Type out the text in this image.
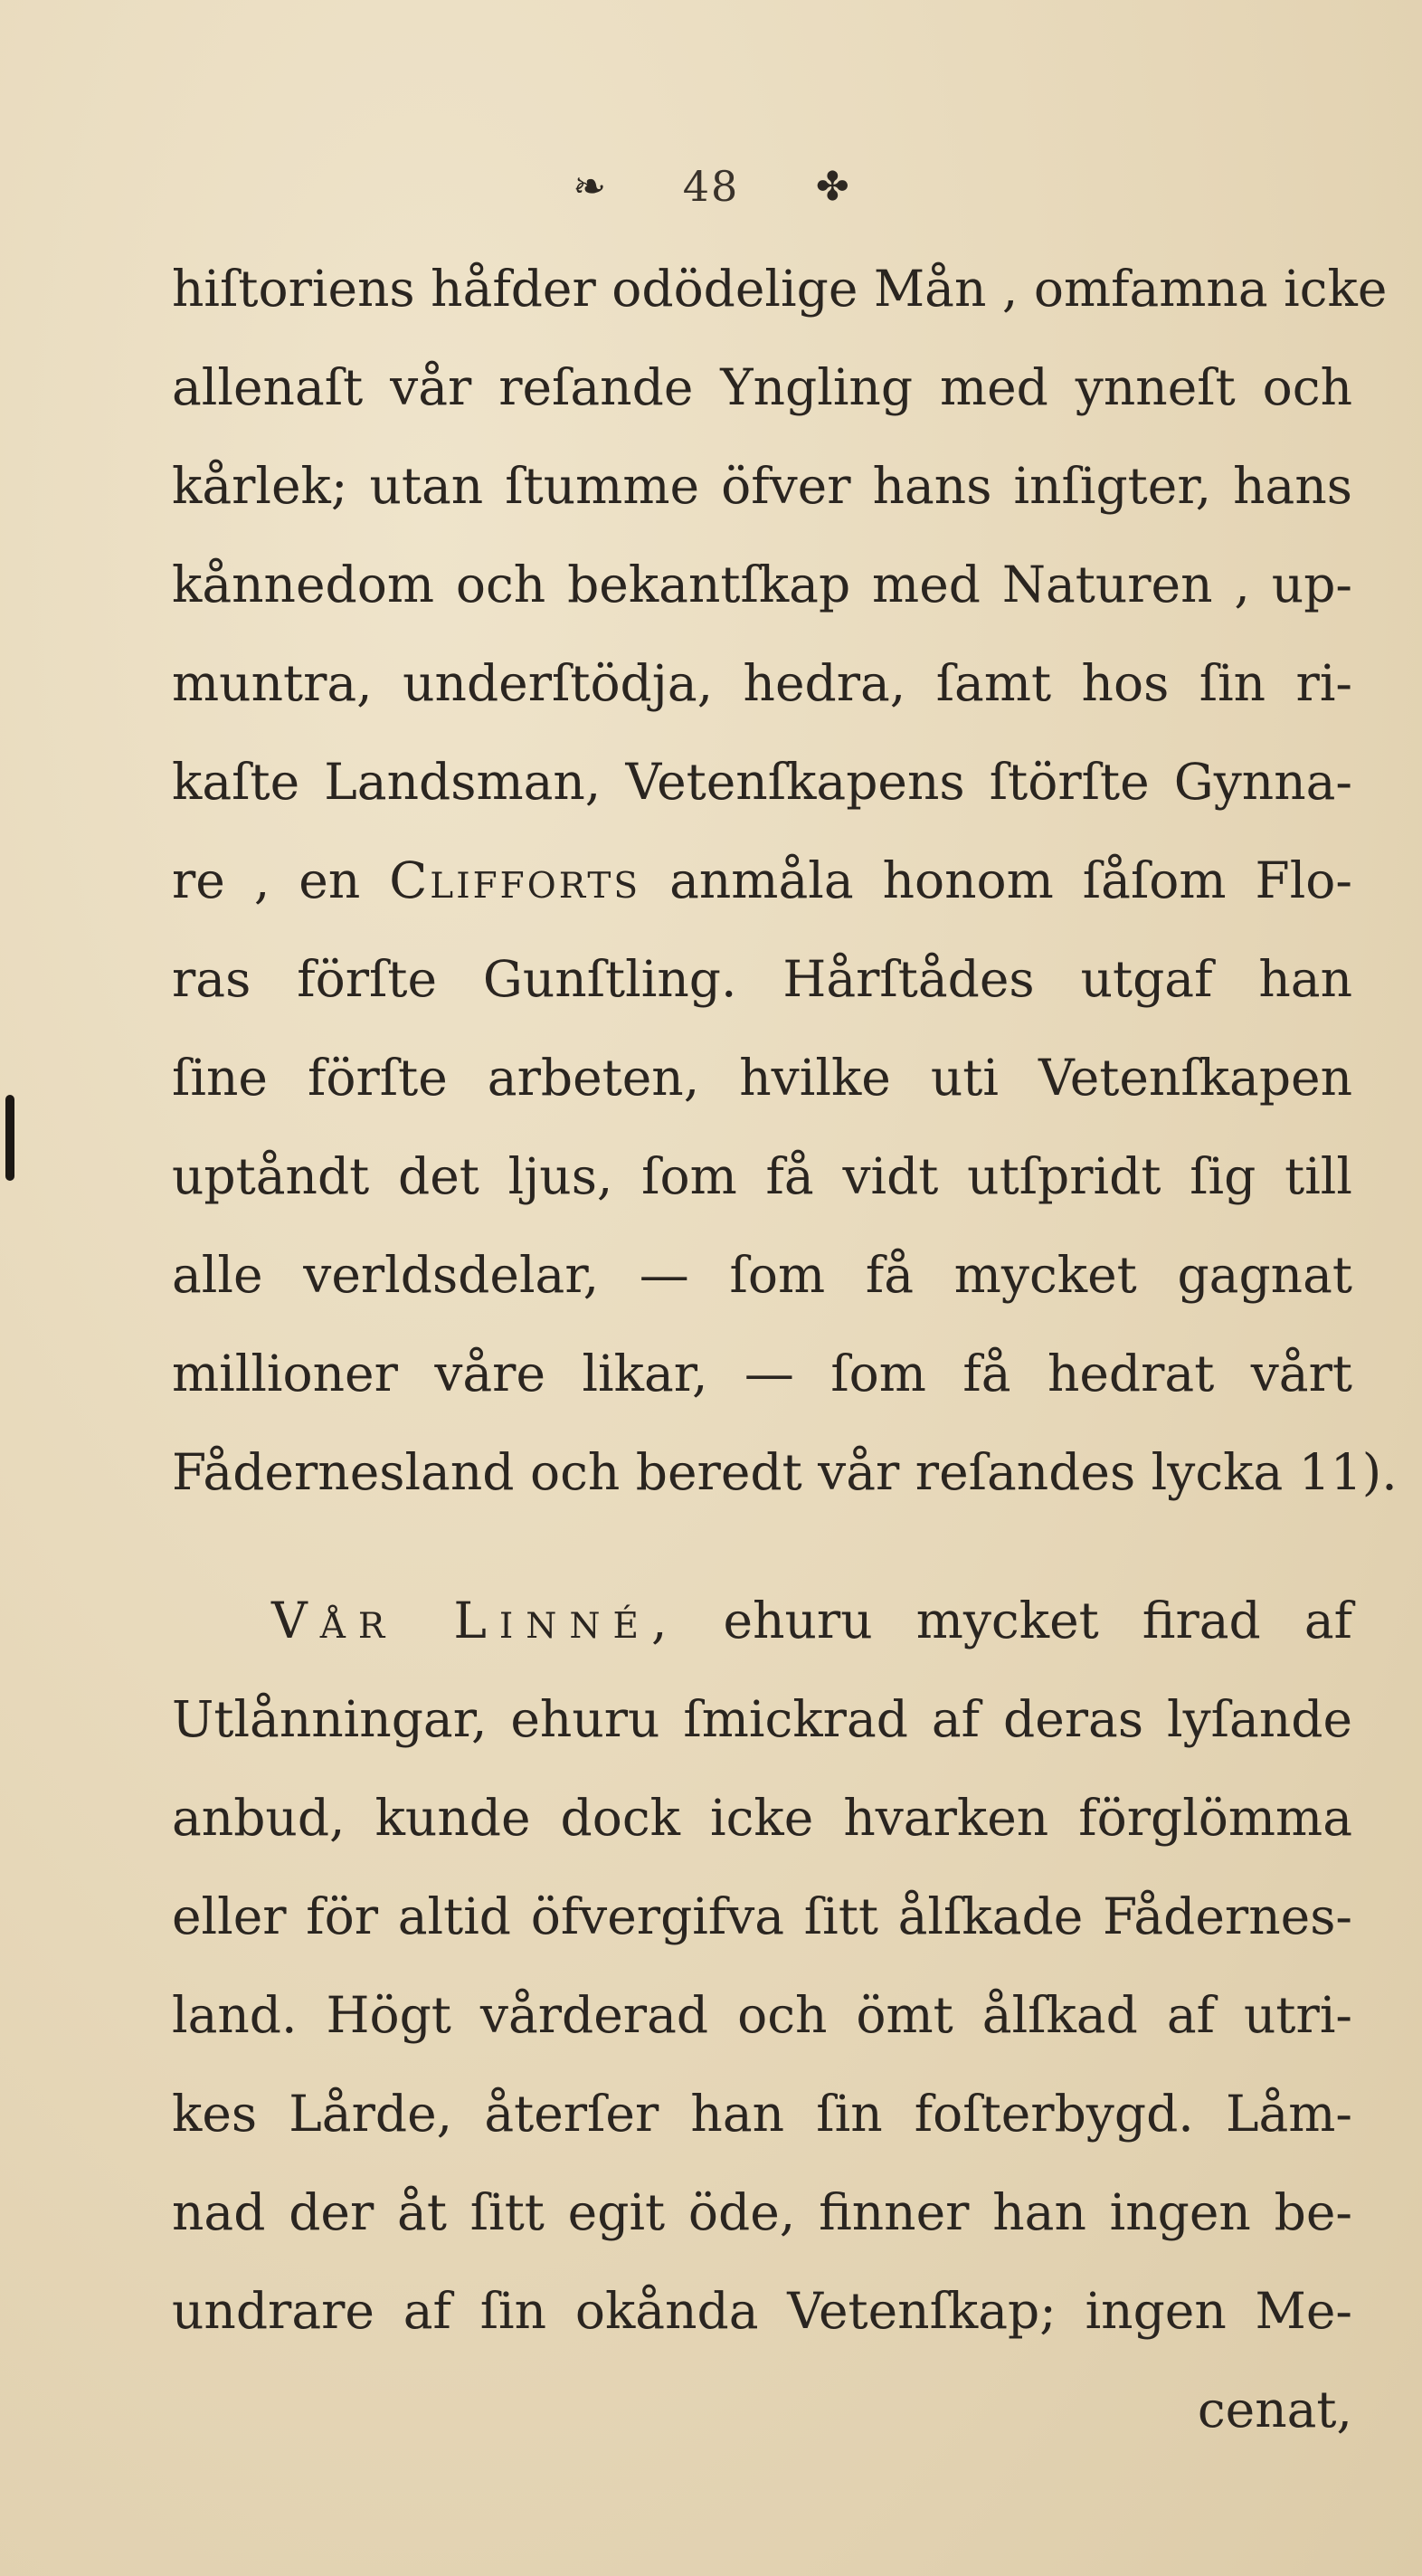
❧ 48 ✤
hiſtoriens håfder odödelige Mån , omfamna icke
allenaſt vår reſande Yngling med ynneſt och
kårlek; utan ſtumme öfver hans inſigter, hans
kånnedom och bekantſkap med Naturen , up-
muntra, underſtödja, hedra, ſamt hos ſin ri-
kaſte Landsman, Vetenſkapens ſtörſte Gynna-
re , en Clifforts anmåla honom ſåſom Flo-
ras förſte Gunſtling. Hårſtådes utgaf han
ſine förſte arbeten, hvilke uti Vetenſkapen
uptåndt det ljus, ſom få vidt utſpridt ſig till
alle verldsdelar, — ſom få mycket gagnat
millioner våre likar, — ſom få hedrat vårt
Fådernesland och beredt vår reſandes lycka 11).
Vår Linné, ehuru mycket firad af
Utlånningar, ehuru ſmickrad af deras lyſande
anbud, kunde dock icke hvarken förglömma
eller för altid öfvergifva ſitt ålſkade Fådernes-
land. Högt vårderad och ömt ålſkad af utri-
kes Lårde, återſer han ſin foſterbygd. Låm-
nad der åt ſitt egit öde, finner han ingen be-
undrare af ſin okånda Vetenſkap; ingen Me-
cenat,
